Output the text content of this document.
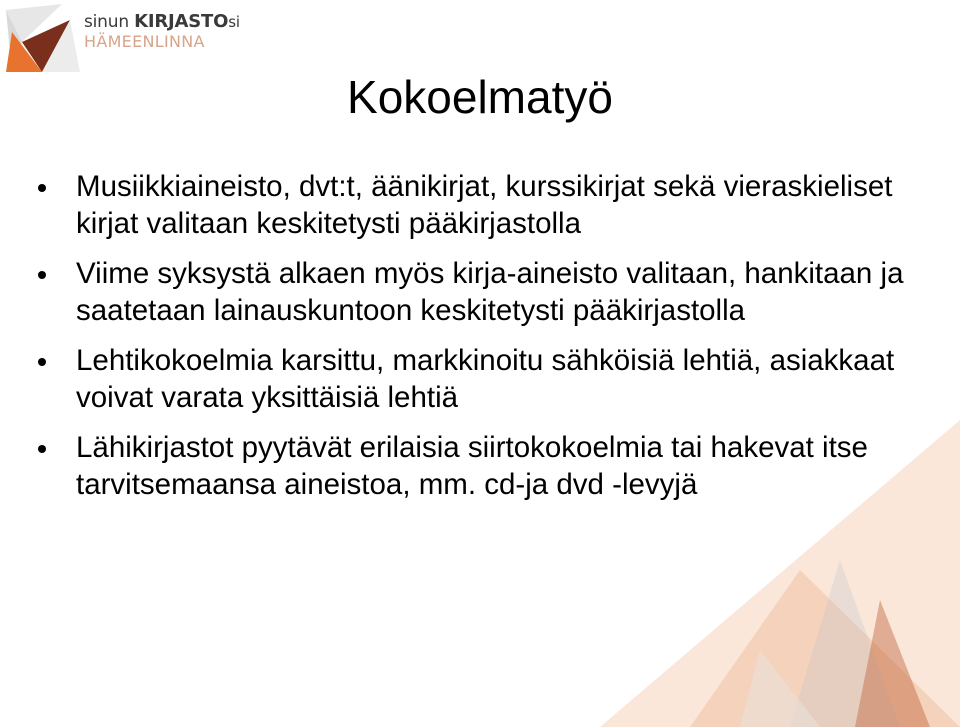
sinun KIRJASTOsi
HÄMEENLINNA
Kokoelmatyö
Musiikkiaineisto, dvt:t, äänikirjat, kurssikirjat sekä vieraskieliset kirjat valitaan keskitetysti pääkirjastolla
Viime syksystä alkaen myös kirja-aineisto valitaan, hankitaan ja saatetaan lainauskuntoon keskitetysti pääkirjastolla
Lehtikokoelmia karsittu, markkinoitu sähköisiä lehtiä, asiakkaat voivat varata yksittäisiä lehtiä
Lähikirjastot pyytävät erilaisia siirtokokoelmia tai hakevat itse tarvitsemaansa aineistoa, mm. cd-ja dvd -levyjä
